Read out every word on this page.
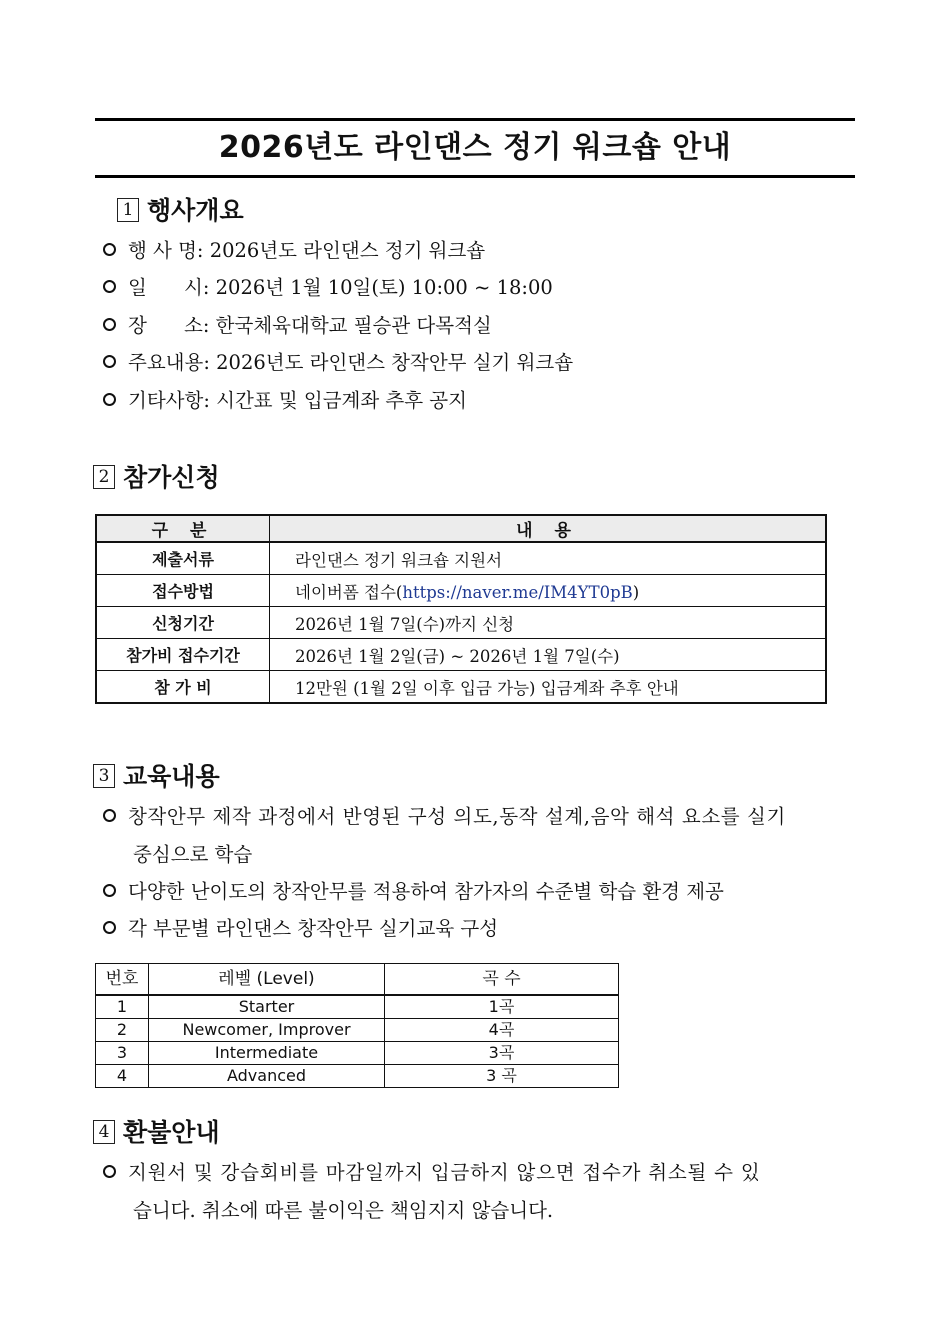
2026년도 라인댄스 정기 워크숍 안내
1 행사개요
행 사 명: 2026년도 라인댄스 정기 워크숍
일      시: 2026년 1월 10일(토) 10:00 ~ 18:00
장      소: 한국체육대학교 필승관 다목적실
주요내용: 2026년도 라인댄스 창작안무 실기 워크숍
기타사항: 시간표 및 입금계좌 추후 공지
2 참가신청
구 분	내 용
제출서류	라인댄스 정기 워크숍 지원서
접수방법	네이버폼 접수(https://naver.me/IM4YT0pB)
신청기간	2026년 1월 7일(수)까지 신청
참가비 접수기간	2026년 1월 2일(금) ~ 2026년 1월 7일(수)
참 가 비	12만원 (1월 2일 이후 입금 가능) 입금계좌 추후 안내
3 교육내용
창작안무 제작 과정에서 반영된 구성 의도,동작 설계,음악 해석 요소를 실기
중심으로 학습
다양한 난이도의 창작안무를 적용하여 참가자의 수준별 학습 환경 제공
각 부문별 라인댄스 창작안무 실기교육 구성
번호	레벨 (Level)	곡 수
1	Starter	1곡
2	Newcomer, Improver	4곡
3	Intermediate	3곡
4	Advanced	3 곡
4 환불안내
지원서 및 강습회비를 마감일까지 입금하지 않으면 접수가 취소될 수 있
습니다. 취소에 따른 불이익은 책임지지 않습니다.
